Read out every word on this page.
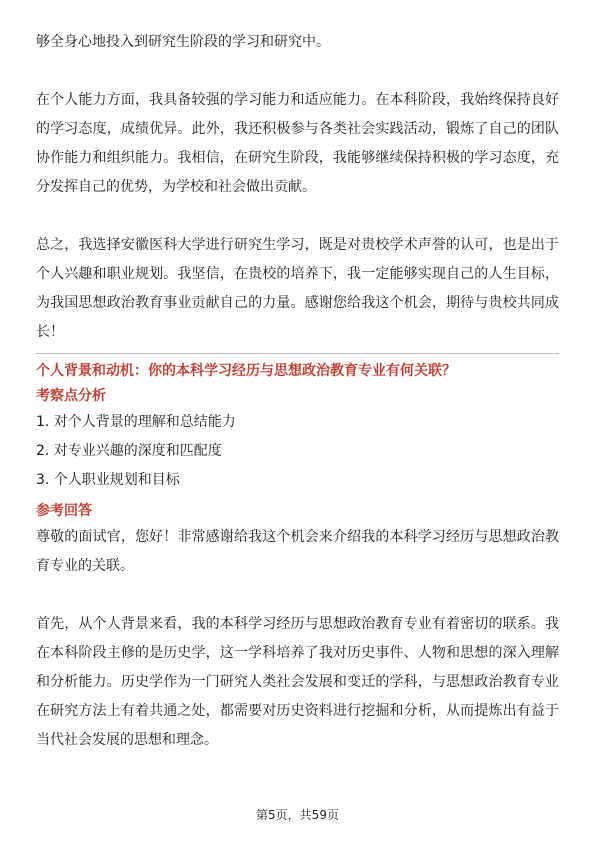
够全身心地投入到研究生阶段的学习和研究中。

在个人能力方面，我具备较强的学习能力和适应能力。在本科阶段，我始终保持良好的学习态度，成绩优异。此外，我还积极参与各类社会实践活动，锻炼了自己的团队协作能力和组织能力。我相信，在研究生阶段，我能够继续保持积极的学习态度，充分发挥自己的优势，为学校和社会做出贡献。

总之，我选择安徽医科大学进行研究生学习，既是对贵校学术声誉的认可，也是出于个人兴趣和职业规划。我坚信，在贵校的培养下，我一定能够实现自己的人生目标，为我国思想政治教育事业贡献自己的力量。感谢您给我这个机会，期待与贵校共同成长！

个人背景和动机：你的本科学习经历与思想政治教育专业有何关联？

考察点分析

1. 对个人背景的理解和总结能力

2. 对专业兴趣的深度和匹配度

3. 个人职业规划和目标

参考回答

尊敬的面试官，您好！非常感谢给我这个机会来介绍我的本科学习经历与思想政治教育专业的关联。

首先，从个人背景来看，我的本科学习经历与思想政治教育专业有着密切的联系。我在本科阶段主修的是历史学，这一学科培养了我对历史事件、人物和思想的深入理解和分析能力。历史学作为一门研究人类社会发展和变迁的学科，与思想政治教育专业在研究方法上有着共通之处，都需要对历史资料进行挖掘和分析，从而提炼出有益于当代社会发展的思想和理念。

第5页，共59页
